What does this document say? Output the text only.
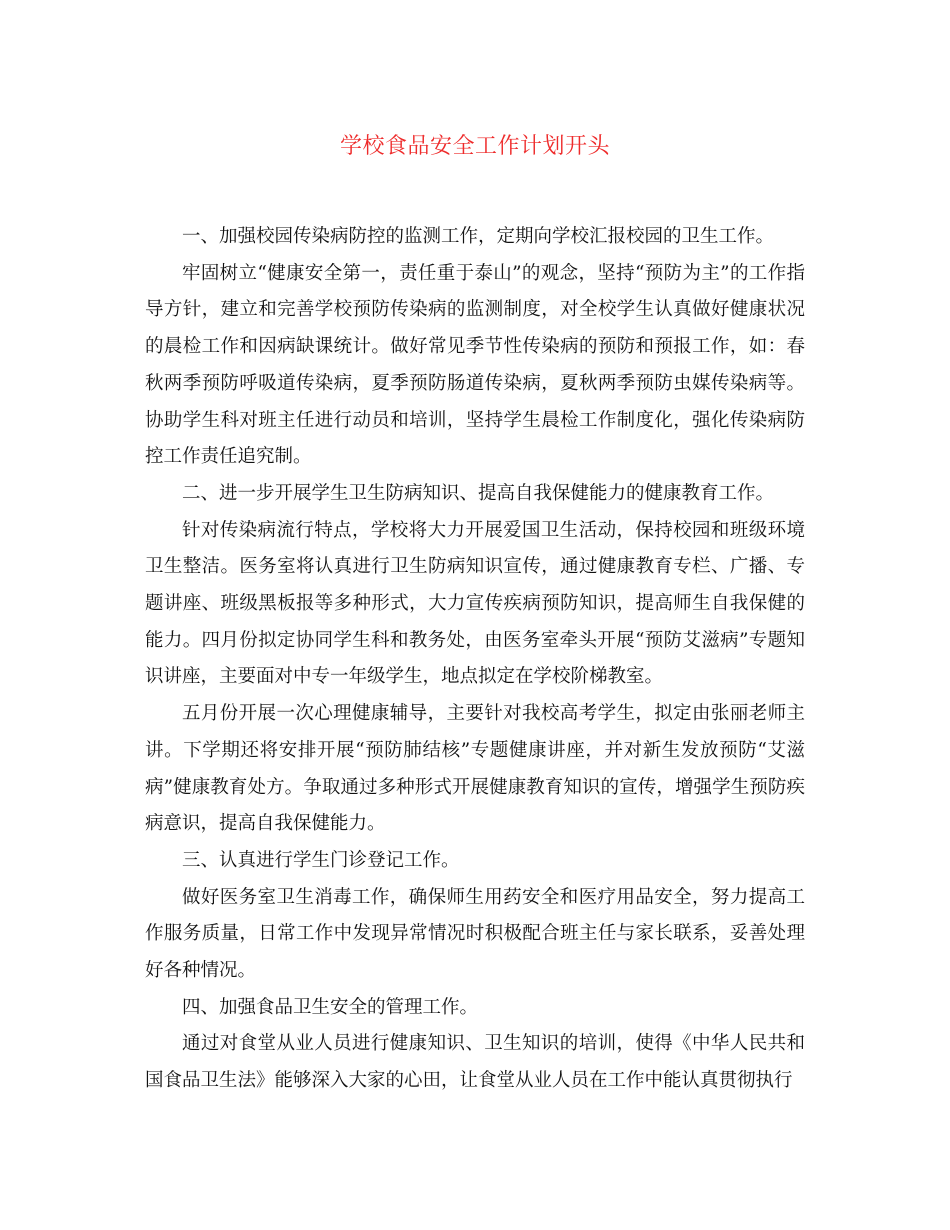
学校食品安全工作计划开头

一、加强校园传染病防控的监测工作，定期向学校汇报校园的卫生工作。

牢固树立“健康安全第一，责任重于泰山”的观念，坚持“预防为主”的工作指导方针，建立和完善学校预防传染病的监测制度，对全校学生认真做好健康状况的晨检工作和因病缺课统计。做好常见季节性传染病的预防和预报工作，如：春秋两季预防呼吸道传染病，夏季预防肠道传染病，夏秋两季预防虫媒传染病等。协助学生科对班主任进行动员和培训，坚持学生晨检工作制度化，强化传染病防控工作责任追究制。

二、进一步开展学生卫生防病知识、提高自我保健能力的健康教育工作。

针对传染病流行特点，学校将大力开展爱国卫生活动，保持校园和班级环境卫生整洁。医务室将认真进行卫生防病知识宣传，通过健康教育专栏、广播、专题讲座、班级黑板报等多种形式，大力宣传疾病预防知识，提高师生自我保健的能力。四月份拟定协同学生科和教务处，由医务室牵头开展“预防艾滋病”专题知识讲座，主要面对中专一年级学生，地点拟定在学校阶梯教室。

五月份开展一次心理健康辅导，主要针对我校高考学生，拟定由张丽老师主讲。下学期还将安排开展“预防肺结核”专题健康讲座，并对新生发放预防“艾滋病”健康教育处方。争取通过多种形式开展健康教育知识的宣传，增强学生预防疾病意识，提高自我保健能力。

三、认真进行学生门诊登记工作。

做好医务室卫生消毒工作，确保师生用药安全和医疗用品安全，努力提高工作服务质量，日常工作中发现异常情况时积极配合班主任与家长联系，妥善处理好各种情况。

四、加强食品卫生安全的管理工作。

通过对食堂从业人员进行健康知识、卫生知识的培训，使得《中华人民共和国食品卫生法》能够深入大家的心田，让食堂从业人员在工作中能认真贯彻执行
